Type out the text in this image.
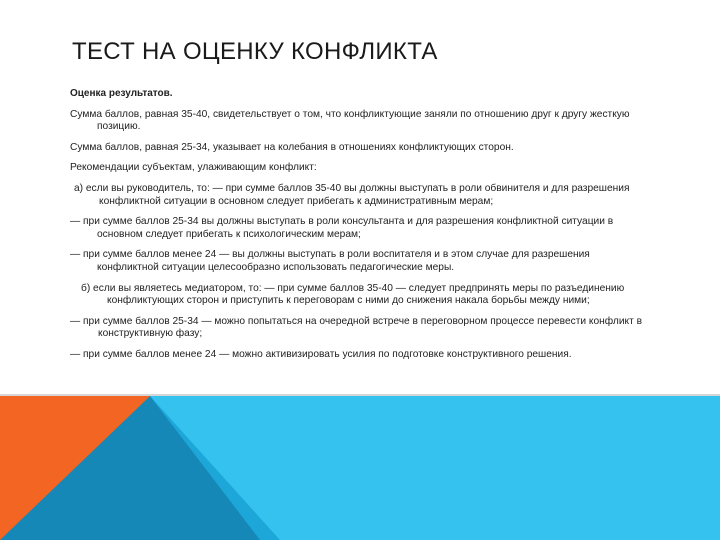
ТЕСТ НА ОЦЕНКУ КОНФЛИКТА

Оценка результатов.

Сумма баллов, равная 35-40, свидетельствует о том, что конфликтующие заняли по отношению друг к другу жесткую позицию.

Сумма баллов, равная 25-34, указывает на колебания в отношениях конфликтующих сторон.

Рекомендации субъектам, улаживающим конфликт:

а) если вы руководитель, то: — при сумме баллов 35-40 вы должны выступать в роли обвинителя и для разрешения конфликтной ситуации в основном следует прибегать к административным мерам;

— при сумме баллов 25-34 вы должны выступать в роли консультанта и для разрешения конфликтной ситуации в основном следует прибегать к психологическим мерам;

— при сумме баллов менее 24 — вы должны выступать в роли воспитателя и в этом случае для разрешения конфликтной ситуации целесообразно использовать педагогические меры.

б) если вы являетесь медиатором, то: — при сумме баллов 35-40 — следует предпринять меры по разъединению конфликтующих сторон и приступить к переговорам с ними до снижения накала борьбы между ними;

— при сумме баллов 25-34 — можно попытаться на очередной встрече в переговорном процессе перевести конфликт в конструктивную фазу;

— при сумме баллов менее 24 — можно активизировать усилия по подготовке конструктивного решения.
